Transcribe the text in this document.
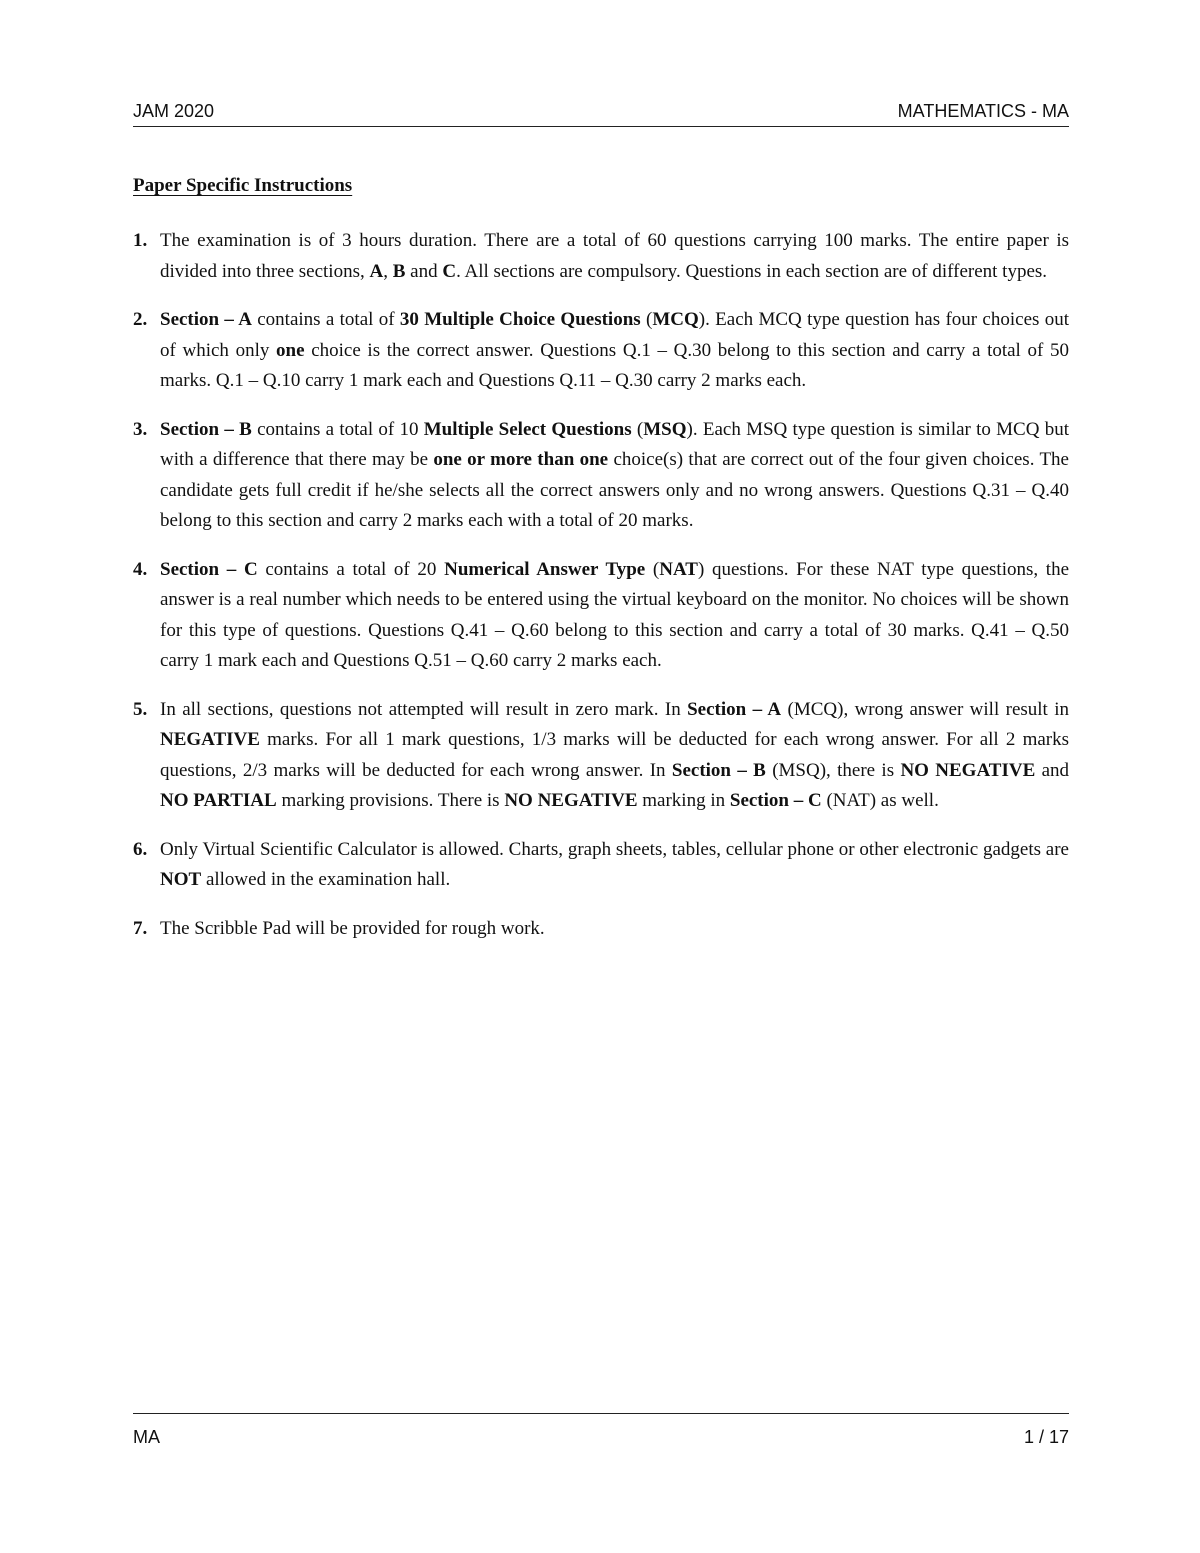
JAM 2020	MATHEMATICS - MA
Paper Specific Instructions
1. The examination is of 3 hours duration. There are a total of 60 questions carrying 100 marks. The entire paper is divided into three sections, A, B and C. All sections are compulsory. Questions in each section are of different types.
2. Section – A contains a total of 30 Multiple Choice Questions (MCQ). Each MCQ type question has four choices out of which only one choice is the correct answer. Questions Q.1 – Q.30 belong to this section and carry a total of 50 marks. Q.1 – Q.10 carry 1 mark each and Questions Q.11 – Q.30 carry 2 marks each.
3. Section – B contains a total of 10 Multiple Select Questions (MSQ). Each MSQ type question is similar to MCQ but with a difference that there may be one or more than one choice(s) that are correct out of the four given choices. The candidate gets full credit if he/she selects all the correct answers only and no wrong answers. Questions Q.31 – Q.40 belong to this section and carry 2 marks each with a total of 20 marks.
4. Section – C contains a total of 20 Numerical Answer Type (NAT) questions. For these NAT type questions, the answer is a real number which needs to be entered using the virtual keyboard on the monitor. No choices will be shown for this type of questions. Questions Q.41 – Q.60 belong to this section and carry a total of 30 marks. Q.41 – Q.50 carry 1 mark each and Questions Q.51 – Q.60 carry 2 marks each.
5. In all sections, questions not attempted will result in zero mark. In Section – A (MCQ), wrong answer will result in NEGATIVE marks. For all 1 mark questions, 1/3 marks will be deducted for each wrong answer. For all 2 marks questions, 2/3 marks will be deducted for each wrong answer. In Section – B (MSQ), there is NO NEGATIVE and NO PARTIAL marking provisions. There is NO NEGATIVE marking in Section – C (NAT) as well.
6. Only Virtual Scientific Calculator is allowed. Charts, graph sheets, tables, cellular phone or other electronic gadgets are NOT allowed in the examination hall.
7. The Scribble Pad will be provided for rough work.
MA	1 / 17
